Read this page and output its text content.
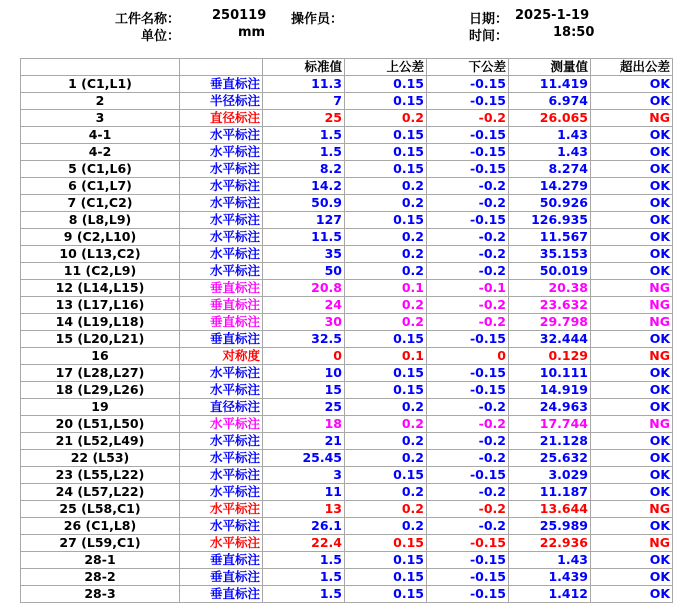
工件名称： 250119 操作员：	日期： 2025-1-19
单位：	mm	时间：	18:50
		标准值	上公差	下公差	测量值	超出公差
1 (C1,L1)	垂直标注	11.3	0.15	-0.15	11.419	OK
2	半径标注	7	0.15	-0.15	6.974	OK
3	直径标注	25	0.2	-0.2	26.065	NG
4-1	水平标注	1.5	0.15	-0.15	1.43	OK
4-2	水平标注	1.5	0.15	-0.15	1.43	OK
5 (C1,L6)	水平标注	8.2	0.15	-0.15	8.274	OK
6 (C1,L7)	水平标注	14.2	0.2	-0.2	14.279	OK
7 (C1,C2)	水平标注	50.9	0.2	-0.2	50.926	OK
8 (L8,L9)	水平标注	127	0.15	-0.15	126.935	OK
9 (C2,L10)	水平标注	11.5	0.2	-0.2	11.567	OK
10 (L13,C2)	水平标注	35	0.2	-0.2	35.153	OK
11 (C2,L9)	水平标注	50	0.2	-0.2	50.019	OK
12 (L14,L15)	垂直标注	20.8	0.1	-0.1	20.38	NG
13 (L17,L16)	垂直标注	24	0.2	-0.2	23.632	NG
14 (L19,L18)	垂直标注	30	0.2	-0.2	29.798	NG
15 (L20,L21)	垂直标注	32.5	0.15	-0.15	32.444	OK
16	对称度	0	0.1	0	0.129	NG
17 (L28,L27)	水平标注	10	0.15	-0.15	10.111	OK
18 (L29,L26)	水平标注	15	0.15	-0.15	14.919	OK
19	直径标注	25	0.2	-0.2	24.963	OK
20 (L51,L50)	水平标注	18	0.2	-0.2	17.744	NG
21 (L52,L49)	水平标注	21	0.2	-0.2	21.128	OK
22 (L53)	水平标注	25.45	0.2	-0.2	25.632	OK
23 (L55,L22)	水平标注	3	0.15	-0.15	3.029	OK
24 (L57,L22)	水平标注	11	0.2	-0.2	11.187	OK
25 (L58,C1)	水平标注	13	0.2	-0.2	13.644	NG
26 (C1,L8)	水平标注	26.1	0.2	-0.2	25.989	OK
27 (L59,C1)	水平标注	22.4	0.15	-0.15	22.936	NG
28-1	垂直标注	1.5	0.15	-0.15	1.43	OK
28-2	垂直标注	1.5	0.15	-0.15	1.439	OK
28-3	垂直标注	1.5	0.15	-0.15	1.412	OK
